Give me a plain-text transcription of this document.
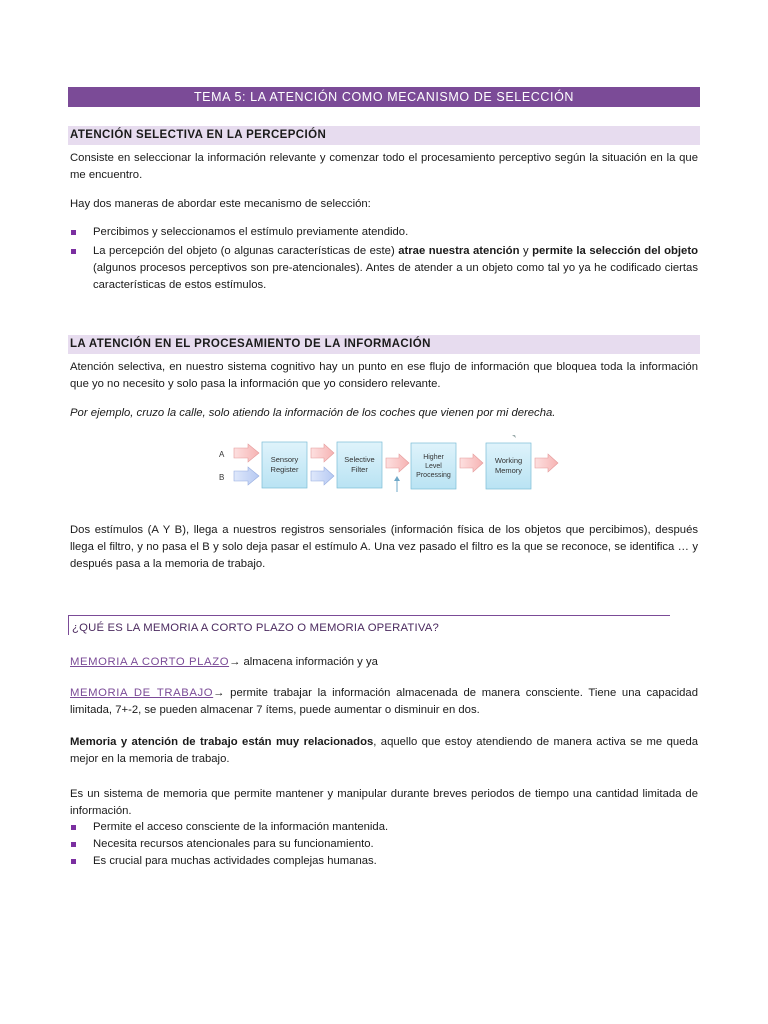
TEMA 5: LA ATENCIÓN COMO MECANISMO DE SELECCIÓN
ATENCIÓN SELECTIVA EN LA PERCEPCIÓN
Consiste en seleccionar la información relevante y comenzar todo el procesamiento perceptivo según la situación en la que me encuentro.
Hay dos maneras de abordar este mecanismo de selección:
Percibimos y seleccionamos el estímulo previamente atendido.
La percepción del objeto (o algunas características de este) atrae nuestra atención y permite la selección del objeto (algunos procesos perceptivos son pre-atencionales). Antes de atender a un objeto como tal yo ya he codificado ciertas características de estos estímulos.
LA ATENCIÓN EN EL PROCESAMIENTO DE LA INFORMACIÓN
Atención selectiva, en nuestro sistema cognitivo hay un punto en ese flujo de información que bloquea toda la información que yo no necesito y solo pasa la información que yo considero relevante.
Por ejemplo, cruzo la calle, solo atiendo la información de los coches que vienen por mi derecha.
A
B
Sensory
Register
Selective
Filter
Higher
Level
Processing
Working
Memory
Dos estímulos (A Y B), llega a nuestros registros sensoriales (información física de los objetos que percibimos), después llega el filtro, y no pasa el B y solo deja pasar el estímulo A. Una vez pasado el filtro es la que se reconoce, se identifica … y después pasa a la memoria de trabajo.
¿QUÉ ES LA MEMORIA A CORTO PLAZO O MEMORIA OPERATIVA?
MEMORIA A CORTO PLAZO→ almacena información y ya
MEMORIA DE TRABAJO→ permite trabajar la información almacenada de manera consciente. Tiene una capacidad limitada, 7+-2, se pueden almacenar 7 ítems, puede aumentar o disminuir en dos.
Memoria y atención de trabajo están muy relacionados, aquello que estoy atendiendo de manera activa se me queda mejor en la memoria de trabajo.
Es un sistema de memoria que permite mantener y manipular durante breves periodos de tiempo una cantidad limitada de información.
Permite el acceso consciente de la información mantenida.
Necesita recursos atencionales para su funcionamiento.
Es crucial para muchas actividades complejas humanas.
